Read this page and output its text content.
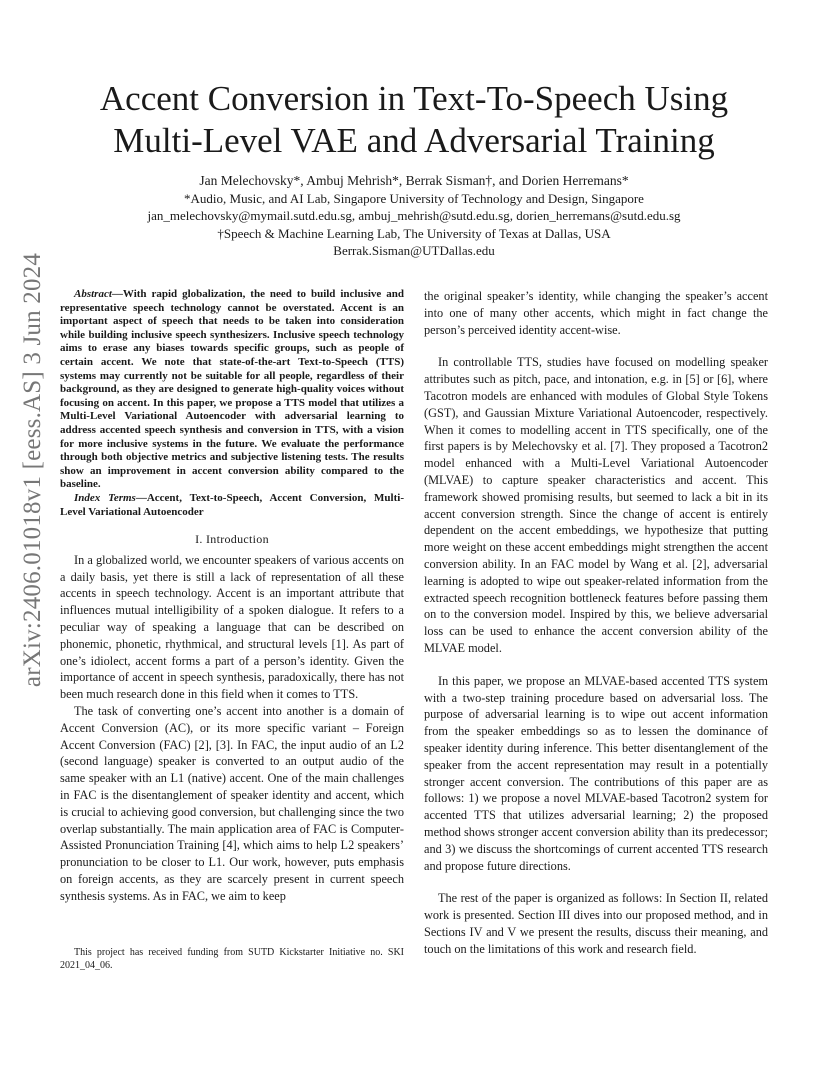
arXiv:2406.01018v1 [eess.AS] 3 Jun 2024
Accent Conversion in Text-To-Speech Using
Multi-Level VAE and Adversarial Training
Jan Melechovsky*, Ambuj Mehrish*, Berrak Sisman†, and Dorien Herremans*
*Audio, Music, and AI Lab, Singapore University of Technology and Design, Singapore
jan_melechovsky@mymail.sutd.edu.sg, ambuj_mehrish@sutd.edu.sg, dorien_herremans@sutd.edu.sg
†Speech & Machine Learning Lab, The University of Texas at Dallas, USA
Berrak.Sisman@UTDallas.edu

Abstract—With rapid globalization, the need to build inclusive and representative speech technology cannot be overstated. Accent is an important aspect of speech that needs to be taken into consideration while building inclusive speech synthesizers. Inclusive speech technology aims to erase any biases towards specific groups, such as people of certain accent. We note that state-of-the-art Text-to-Speech (TTS) systems may currently not be suitable for all people, regardless of their background, as they are designed to generate high-quality voices without focusing on accent. In this paper, we propose a TTS model that utilizes a Multi-Level Variational Autoencoder with adversarial learning to address accented speech synthesis and conversion in TTS, with a vision for more inclusive systems in the future. We evaluate the performance through both objective metrics and subjective listening tests. The results show an improvement in accent conversion ability compared to the baseline.

Index Terms—Accent, Text-to-Speech, Accent Conversion, Multi-Level Variational Autoencoder

I. Introduction

In a globalized world, we encounter speakers of various accents on a daily basis, yet there is still a lack of representation of all these accents in speech technology. Accent is an important attribute that influences mutual intelligibility of a spoken dialogue. It refers to a peculiar way of speaking a language that can be described on phonemic, phonetic, rhythmical, and structural levels [1]. As part of one’s idiolect, accent forms a part of a person’s identity. Given the importance of accent in speech synthesis, paradoxically, there has not been much research done in this field when it comes to TTS.

The task of converting one’s accent into another is a domain of Accent Conversion (AC), or its more specific variant – Foreign Accent Conversion (FAC) [2], [3]. In FAC, the input audio of an L2 (second language) speaker is converted to an output audio of the same speaker with an L1 (native) accent. One of the main challenges in FAC is the disentanglement of speaker identity and accent, which is crucial to achieving good conversion, but challenging since the two overlap substantially. The main application area of FAC is Computer-Assisted Pronunciation Training [4], which aims to help L2 speakers’ pronunciation to be closer to L1. Our work, however, puts emphasis on foreign accents, as they are scarcely present in current speech synthesis systems. As in FAC, we aim to keep

This project has received funding from SUTD Kickstarter Initiative no. SKI 2021_04_06.

the original speaker’s identity, while changing the speaker’s accent into one of many other accents, which might in fact change the person’s perceived identity accent-wise.

In controllable TTS, studies have focused on modelling speaker attributes such as pitch, pace, and intonation, e.g. in [5] or [6], where Tacotron models are enhanced with modules of Global Style Tokens (GST), and Gaussian Mixture Variational Autoencoder, respectively. When it comes to modelling accent in TTS specifically, one of the first papers is by Melechovsky et al. [7]. They proposed a Tacotron2 model enhanced with a Multi-Level Variational Autoencoder (MLVAE) to capture speaker characteristics and accent. This framework showed promising results, but seemed to lack a bit in its accent conversion strength. Since the change of accent is entirely dependent on the accent embeddings, we hypothesize that putting more weight on these accent embeddings might strengthen the accent conversion ability. In an FAC model by Wang et al. [2], adversarial learning is adopted to wipe out speaker-related information from the extracted speech recognition bottleneck features before passing them on to the conversion model. Inspired by this, we believe adversarial loss can be used to enhance the accent conversion ability of the MLVAE model.

In this paper, we propose an MLVAE-based accented TTS system with a two-step training procedure based on adversarial loss. The purpose of adversarial learning is to wipe out accent information from the speaker embeddings so as to lessen the dominance of speaker identity during inference. This better disentanglement of the speaker from the accent representation may result in a potentially stronger accent conversion. The contributions of this paper are as follows: 1) we propose a novel MLVAE-based Tacotron2 system for accented TTS that utilizes adversarial learning; 2) the proposed method shows stronger accent conversion ability than its predecessor; and 3) we discuss the shortcomings of current accented TTS research and propose future directions.

The rest of the paper is organized as follows: In Section II, related work is presented. Section III dives into our proposed method, and in Sections IV and V we present the results, discuss their meaning, and touch on the limitations of this work and research field.
